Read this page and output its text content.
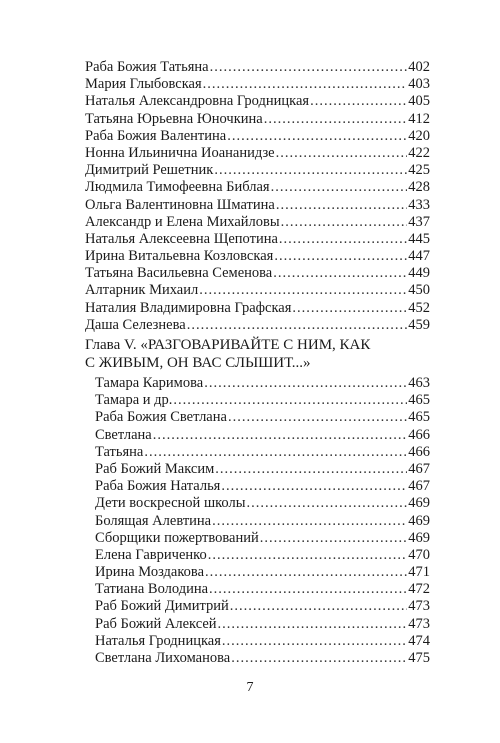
Раба Божия Татьяна .....	402
Мария Глыбовская .....	403
Наталья Александровна Гродницкая .....	405
Татьяна Юрьевна Юночкина .....	412
Раба Божия Валентина .....	420
Нонна Ильинична Иоананидзе .....	422
Димитрий Решетник .....	425
Людмила Тимофеевна Библая .....	428
Ольга Валентиновна Шматина .....	433
Александр и Елена Михайловы .....	437
Наталья Алексеевна Щепотина .....	445
Ирина Витальевна Козловская .....	447
Татьяна Васильевна Семенова .....	449
Алтарник Михаил .....	450
Наталия Владимировна Графская .....	452
Даша Селезнева .....	459
Глава V. «РАЗГОВАРИВАЙТЕ С НИМ, КАК
С ЖИВЫМ, ОН ВАС СЛЫШИТ...»
Тамара Каримова .....	463
Тамара и др. .....	465
Раба Божия Светлана .....	465
Светлана .....	466
Татьяна .....	466
Раб Божий Максим .....	467
Раба Божия Наталья .....	467
Дети воскресной школы .....	469
Болящая Алевтина .....	469
Сборщики пожертвований .....	469
Елена Гавриченко .....	470
Ирина Моздакова .....	471
Татиана Володина .....	472
Раб Божий Димитрий .....	473
Раб Божий Алексей .....	473
Наталья Гродницкая .....	474
Светлана Лихоманова .....	475
7
